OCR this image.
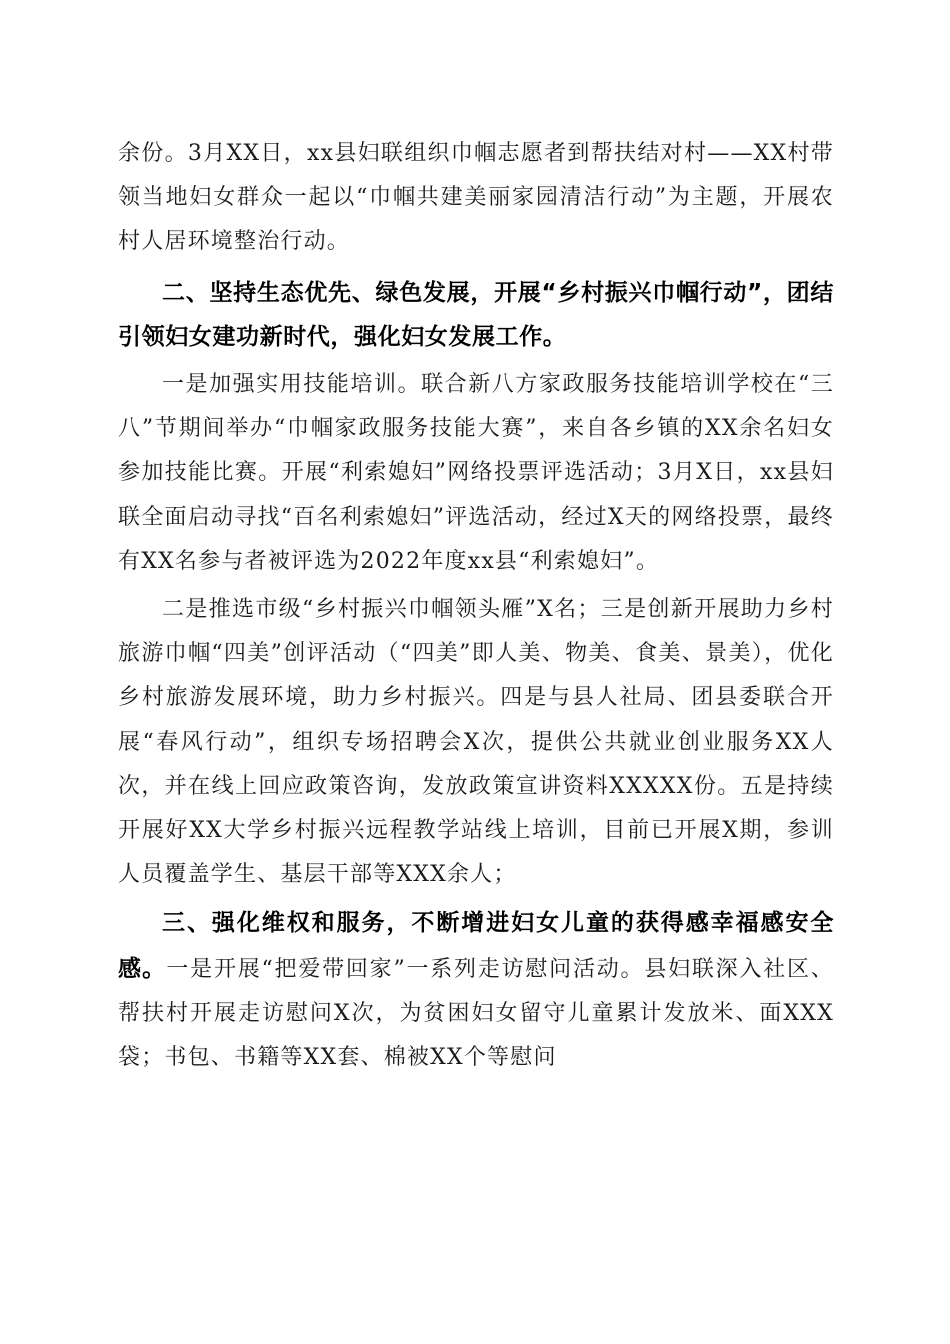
余份。3月XX日，xx县妇联组织巾帼志愿者到帮扶结对村——XX村带领当地妇女群众一起以“巾帼共建美丽家园清洁行动”为主题，开展农村人居环境整治行动。

二、坚持生态优先、绿色发展，开展“乡村振兴巾帼行动”，团结引领妇女建功新时代，强化妇女发展工作。

一是加强实用技能培训。联合新八方家政服务技能培训学校在“三八”节期间举办“巾帼家政服务技能大赛”，来自各乡镇的XX余名妇女参加技能比赛。开展“利索媳妇”网络投票评选活动；3月X日，xx县妇联全面启动寻找“百名利索媳妇”评选活动，经过X天的网络投票，最终有XX名参与者被评选为2022年度xx县“利索媳妇”。

二是推选市级“乡村振兴巾帼领头雁”X名；三是创新开展助力乡村旅游巾帼“四美”创评活动（“四美”即人美、物美、食美、景美），优化乡村旅游发展环境，助力乡村振兴。四是与县人社局、团县委联合开展“春风行动”，组织专场招聘会X次，提供公共就业创业服务XX人次，并在线上回应政策咨询，发放政策宣讲资料XXXXX份。五是持续开展好XX大学乡村振兴远程教学站线上培训，目前已开展X期，参训人员覆盖学生、基层干部等XXX余人；

三、强化维权和服务，不断增进妇女儿童的获得感幸福感安全感。一是开展“把爱带回家”一系列走访慰问活动。县妇联深入社区、帮扶村开展走访慰问X次，为贫困妇女留守儿童累计发放米、面XXX袋；书包、书籍等XX套、棉被XX个等慰问
